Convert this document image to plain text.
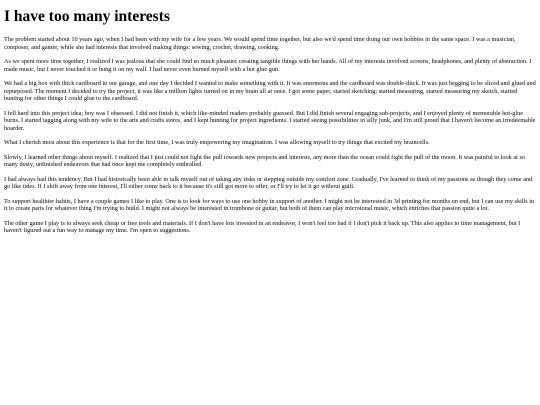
I have too many interests

The problem started about 10 years ago, when I had been with my wife for a few years. We would spend time together, but also we'd spend time doing our own hobbies in the same space. I was a musician, composer, and gamer, while she had interests that involved making things: sewing, crochet, drawing, cooking.

As we spent more time together, I realized I was jealous that she could find so much pleasure creating tangible things with her hands. All of my interests involved screens, headphones, and plenty of abstraction. I made music, but I never touched it or hung it on my wall. I had never even burned myself with a hot glue gun.

We had a big box with thick cardboard in our garage, and one day I decided I wanted to make something with it. It was enormous and the cardboard was double-thick. It was just begging to be sliced and glued and repurposed. The moment I decided to try the project, it was like a million lights turned on in my brain all at once. I got some paper, started sketching; started measuring, started measuring my sketch, started hunting for other things I could glue to the cardboard.

I fell hard into this project idea; boy was I obsessed. I did not finish it, which like-minded readers probably guessed. But I did finish several engaging sub-projects, and I enjoyed plenty of memorable hot-glue burns. I started tagging along with my wife to the arts and crafts stores, and I kept hunting for project ingredients. I started seeing possibilities in silly junk, and I'm still proud that I haven't become an irredeemable hoarder.

What I cherish most about this experience is that for the first time, I was truly empowering my imagination. I was allowing myself to try things that excited my braincells.

Slowly, I learned other things about myself. I realized that I just could not fight the pull towards new projects and interests, any more than the ocean could fight the pull of the moon. It was painful to look at so many dusty, unfinished endeavors that had once kept me completely enthralled.

I had always had this tendency. But I had historically been able to talk myself out of taking any risks or stepping outside my comfort zone. Gradually, I've learned to think of my passions as though they come and go like tides. If I shift away from one interest, I'll either come back to it because it's still got more to offer, or I'll try to let it go without guilt.

To support healthier habits, I have a couple games I like to play. One is to look for ways to use one hobby in support of another. I might not be interested in 3d printing for months on end, but I can use my skills in it to create parts for whatever thing I'm trying to build. I might not always be interested in trombone or guitar, but both of them can play microtonal music, which enriches that passion quite a lot.

The other game I play is to always seek cheap or free tools and materials. If I don't have lots invested in an endeavor, I won't feel too bad if I don't pick it back up. This also applies to time management, but I haven't figured out a fun way to manage my time. I'm open to suggestions.
